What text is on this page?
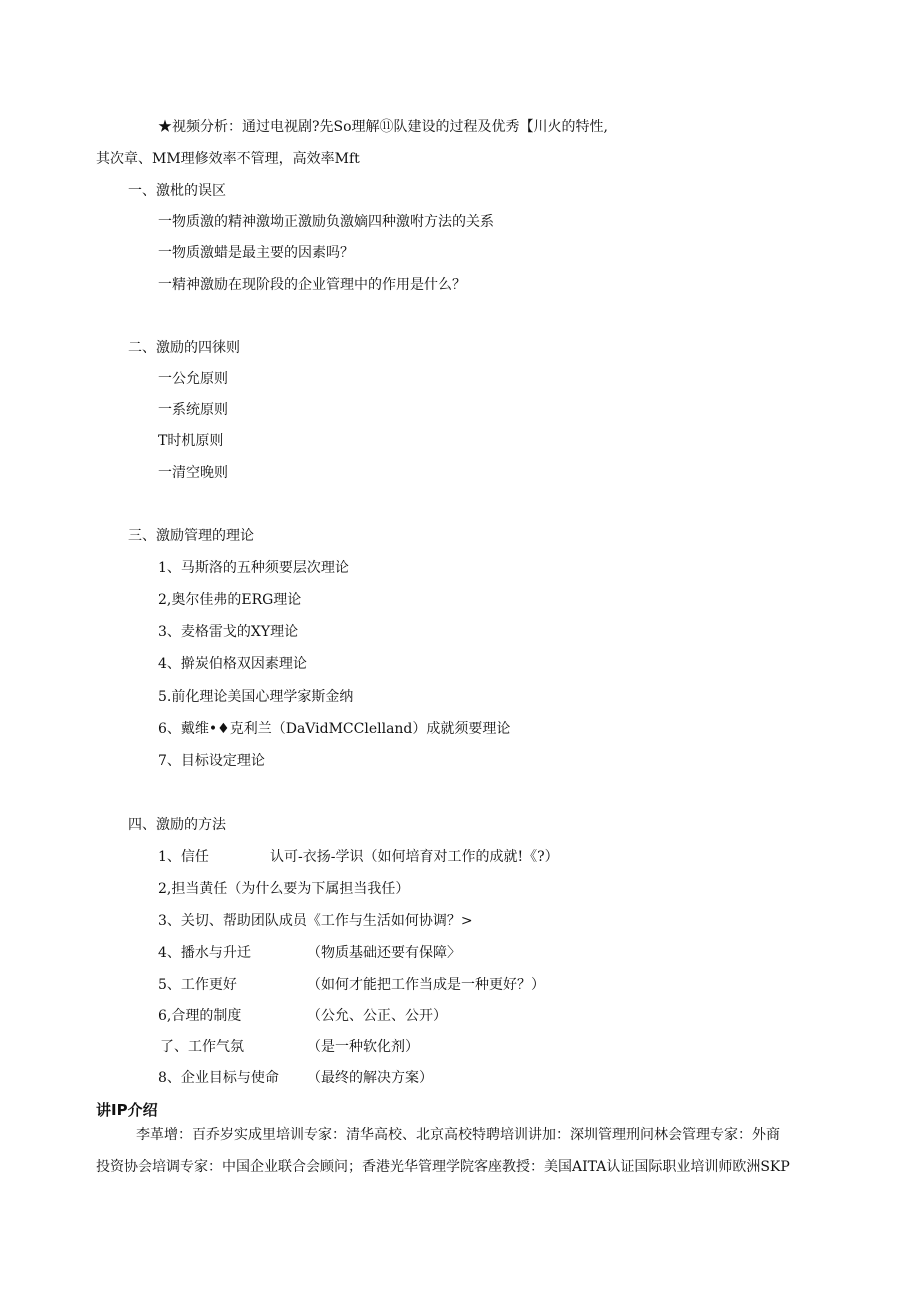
★视频分析：通过电视剧?先So理解⑪队建设的过程及优秀【川火的特性,
其次章、MM理修效率不管理，高效率Mft
一、激枇的误区
一物质激的精神激坳正激励负激嫡四种激咐方法的关系
一物质激蜡是最主要的因素吗？
一精神激励在现阶段的企业管理中的作用是什么？
二、激励的四徕则
一公允原则
一系统原则
T时机原则
一清空晚则
三、激励管理的理论
1、马斯洛的五种须要层次理论
2,奥尔佳弗的ERG理论
3、麦格雷戈的XY理论
4、擀炭伯格双因素理论
5.前化理论美国心理学家斯金纳
6、戴维•♦克利兰（DaVidMCClelland）成就须要理论
7、目标设定理论
四、激励的方法
1、信任	认可-衣扬-学识（如何培育对工作的成就!《?）
2,担当黄任（为什么要为下属担当我任）
3、关切、帮助团队成员《工作与生活如何协调？>
4、播水与升迁	（物质基础还要有保障〉
5、工作更好	（如何才能把工作当成是一种更好？）
6,合理的制度	（公允、公正、公开）
了、工作气氛	（是一种软化剂）
8、企业目标与使命 （最终的解决方案）
讲IP介绍
李革增：百乔岁实成里培训专家：清华高校、北京高校特聘培训讲加：深圳管理刑问林会管理专家：外商
投资协会培调专家：中国企业联合会顾问；香港光华管理学院客座教授：美国AITA认证国际职业培训师欧洲SKP
